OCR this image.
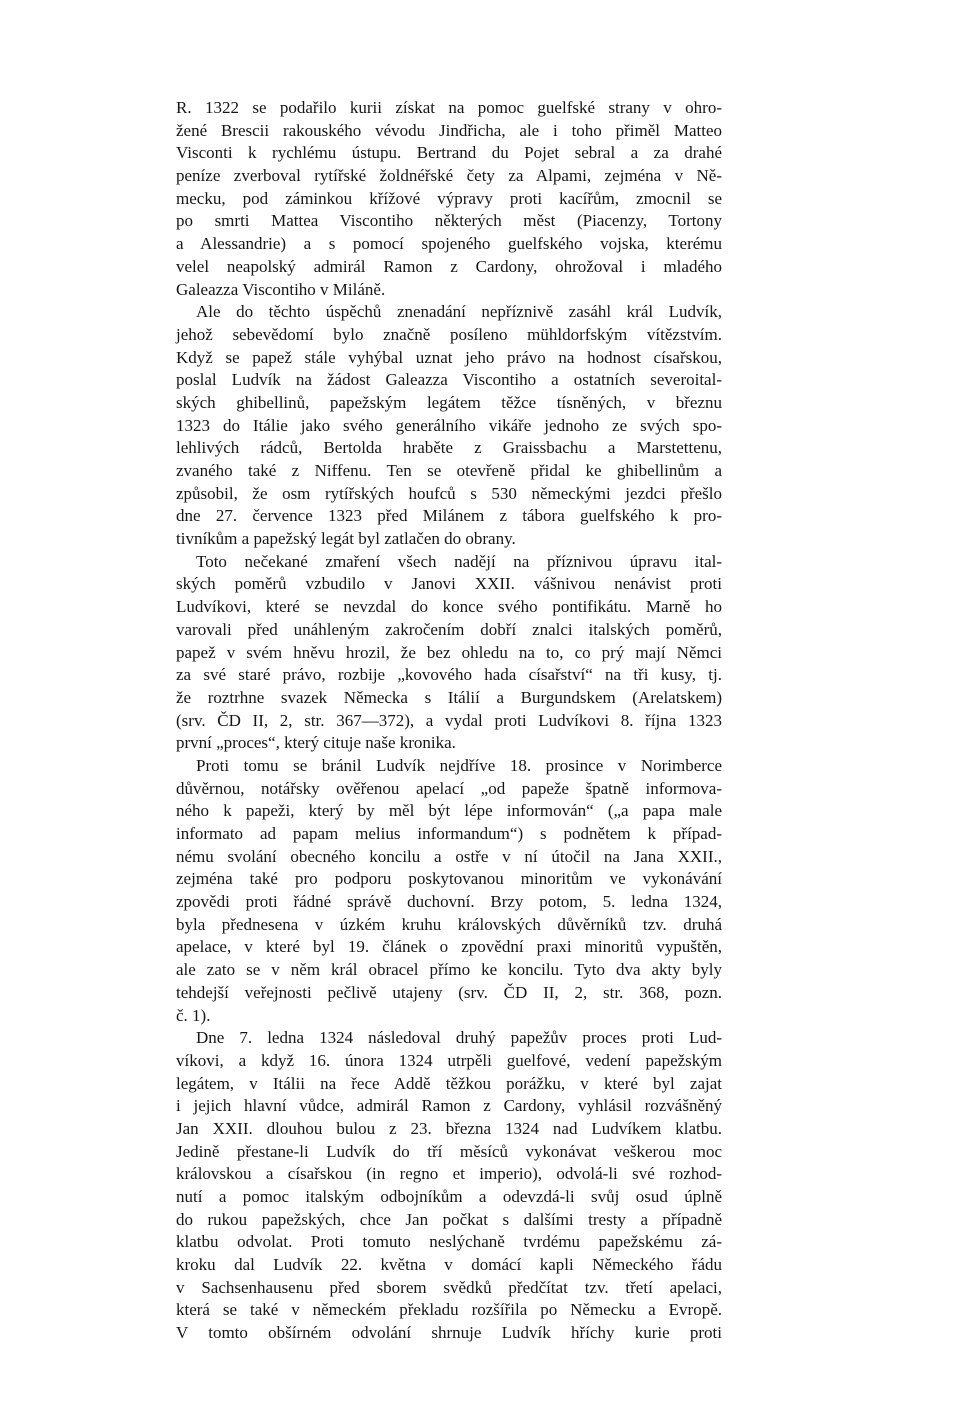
R. 1322 se podařilo kurii získat na pomoc guelfské strany v ohro-
žené Brescii rakouského vévodu Jindřicha, ale i toho přiměl Matteo
Visconti k rychlému ústupu. Bertrand du Pojet sebral a za drahé
peníze zverboval rytířské žoldnéřské čety za Alpami, zejména v Ně-
mecku, pod záminkou křížové výpravy proti kacířům, zmocnil se
po smrti Mattea Viscontiho některých měst (Piacenzy, Tortony
a Alessandrie) a s pomocí spojeného guelfského vojska, kterému
velel neapolský admirál Ramon z Cardony, ohrožoval i mladého
Galeazza Viscontiho v Miláně.
Ale do těchto úspěchů znenadání nepříznivě zasáhl král Ludvík,
jehož sebevědomí bylo značně posíleno mühldorfským vítězstvím.
Když se papež stále vyhýbal uznat jeho právo na hodnost císařskou,
poslal Ludvík na žádost Galeazza Viscontiho a ostatních severoital-
ských ghibellinů, papežským legátem těžce tísněných, v březnu
1323 do Itálie jako svého generálního vikáře jednoho ze svých spo-
lehlivých rádců, Bertolda hraběte z Graissbachu a Marstettenu,
zvaného také z Niffenu. Ten se otevřeně přidal ke ghibellinům a
způsobil, že osm rytířských houfců s 530 německými jezdci přešlo
dne 27. července 1323 před Milánem z tábora guelfského k pro-
tivníkům a papežský legát byl zatlačen do obrany.
Toto nečekané zmaření všech nadějí na příznivou úpravu ital-
ských poměrů vzbudilo v Janovi XXII. vášnivou nenávist proti
Ludvíkovi, které se nevzdal do konce svého pontifikátu. Marně ho
varovali před unáhleným zakročením dobří znalci italských poměrů,
papež v svém hněvu hrozil, že bez ohledu na to, co prý mají Němci
za své staré právo, rozbije „kovového hada císařství“ na tři kusy, tj.
že roztrhne svazek Německa s Itálií a Burgundskem (Arelatskem)
(srv. ČD II, 2, str. 367—372), a vydal proti Ludvíkovi 8. října 1323
první „proces“, který cituje naše kronika.
Proti tomu se bránil Ludvík nejdříve 18. prosince v Norimberce
důvěrnou, notářsky ověřenou apelací „od papeže špatně informova-
ného k papeži, který by měl být lépe informován“ („a papa male
informato ad papam melius informandum“) s podnětem k případ-
nému svolání obecného koncilu a ostře v ní útočil na Jana XXII.,
zejména také pro podporu poskytovanou minoritům ve vykonávání
zpovědi proti řádné správě duchovní. Brzy potom, 5. ledna 1324,
byla přednesena v úzkém kruhu královských důvěrníků tzv. druhá
apelace, v které byl 19. článek o zpovědní praxi minoritů vypuštěn,
ale zato se v něm král obracel přímo ke koncilu. Tyto dva akty byly
tehdejší veřejnosti pečlivě utajeny (srv. ČD II, 2, str. 368, pozn.
č. 1).
Dne 7. ledna 1324 následoval druhý papežův proces proti Lud-
víkovi, a když 16. února 1324 utrpěli guelfové, vedení papežským
legátem, v Itálii na řece Addě těžkou porážku, v které byl zajat
i jejich hlavní vůdce, admirál Ramon z Cardony, vyhlásil rozvášněný
Jan XXII. dlouhou bulou z 23. března 1324 nad Ludvíkem klatbu.
Jedině přestane-li Ludvík do tří měsíců vykonávat veškerou moc
královskou a císařskou (in regno et imperio), odvolá-li své rozhod-
nutí a pomoc italským odbojníkům a odevzdá-li svůj osud úplně
do rukou papežských, chce Jan počkat s dalšími tresty a případně
klatbu odvolat. Proti tomuto neslýchaně tvrdému papežskému zá-
kroku dal Ludvík 22. května v domácí kapli Německého řádu
v Sachsenhausenu před sborem svědků předčítat tzv. třetí apelaci,
která se také v německém překladu rozšířila po Německu a Evropě.
V tomto obšírném odvolání shrnuje Ludvík hříchy kurie proti
